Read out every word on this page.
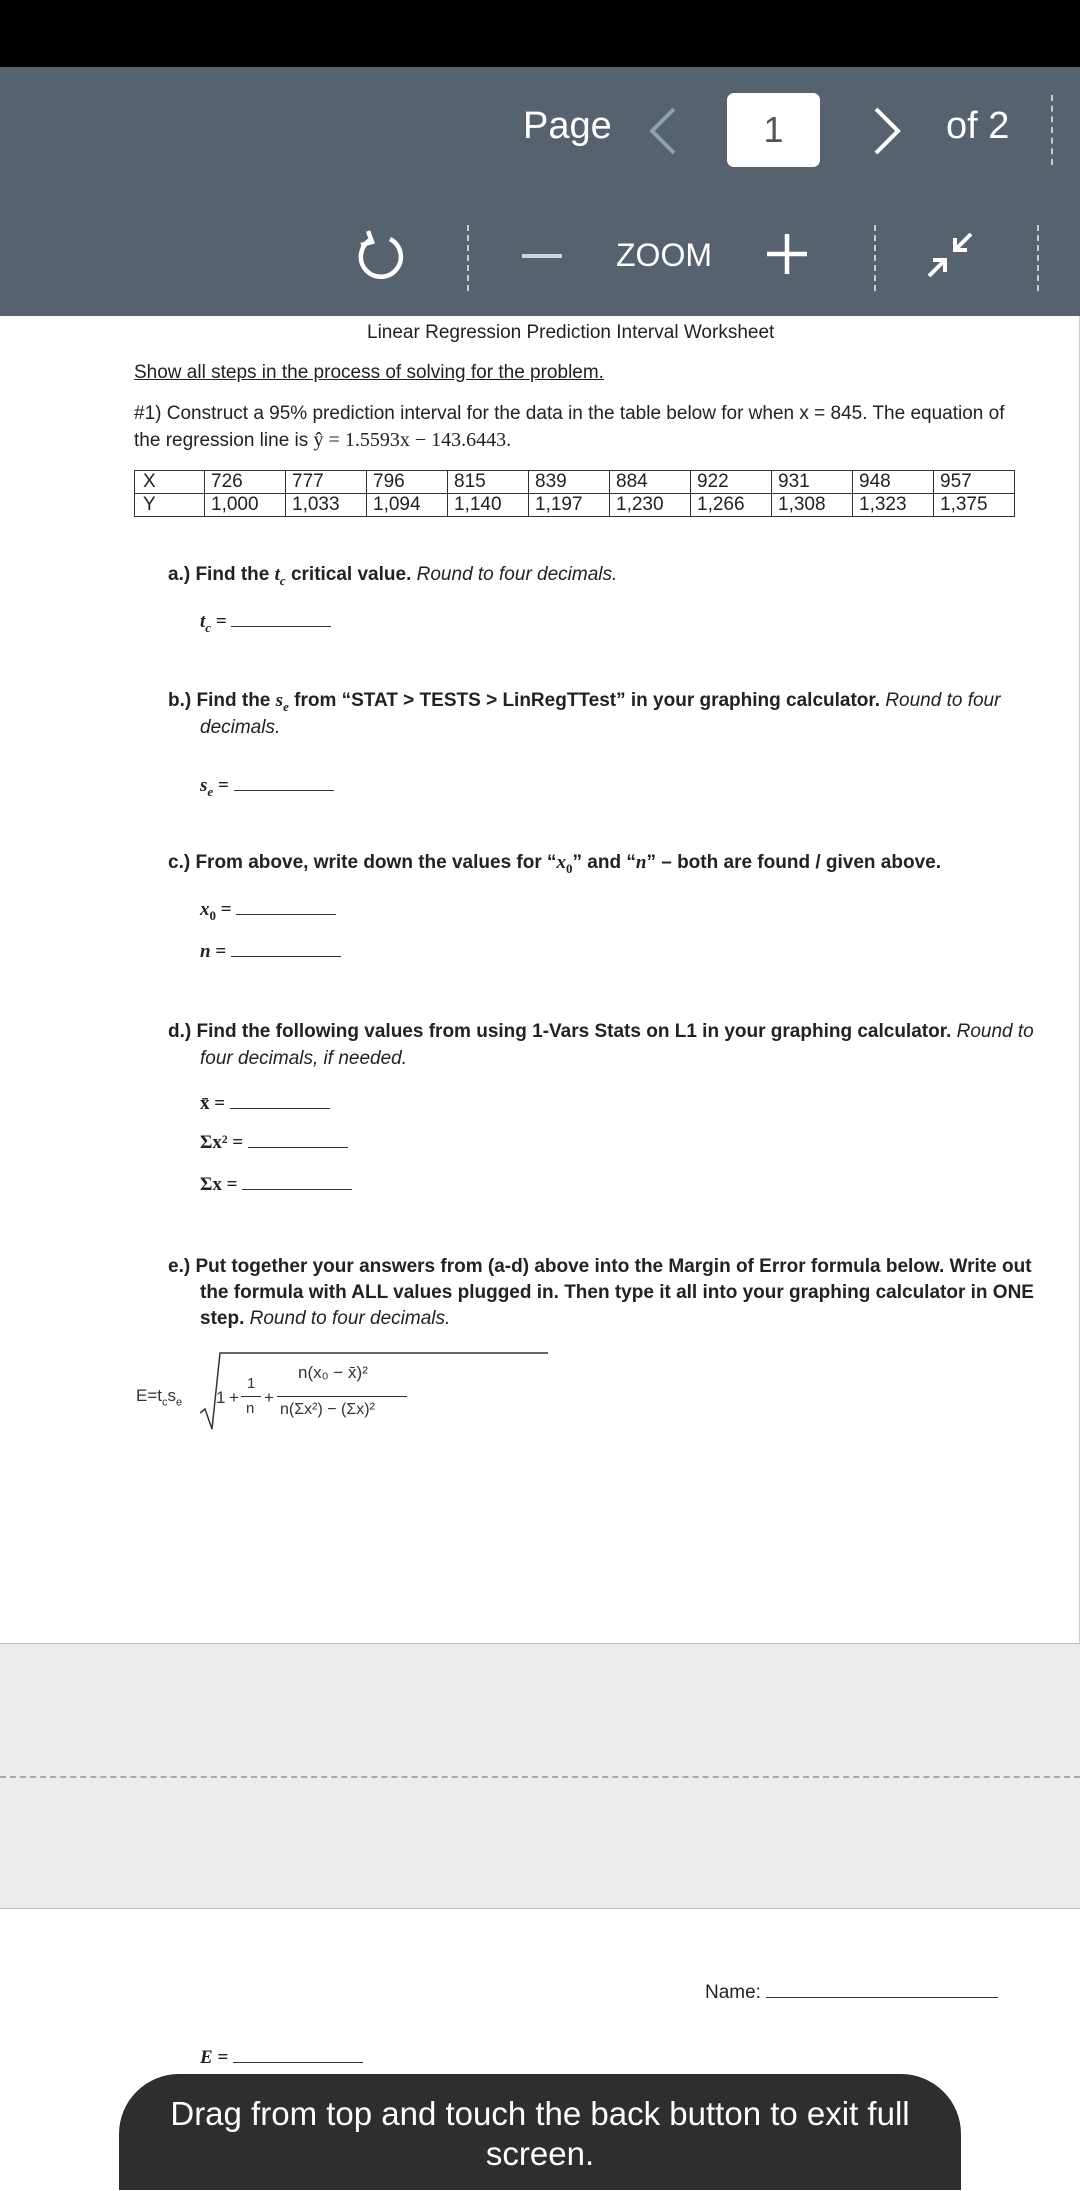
Page	1	of 2
ZOOM
Linear Regression Prediction Interval Worksheet
Show all steps in the process of solving for the problem.
#1) Construct a 95% prediction interval for the data in the table below for when x = 845. The equation of
the regression line is ŷ = 1.5593x − 143.6443.
X	726	777	796	815	839	884	922	931	948	957
Y	1,000	1,033	1,094	1,140	1,197	1,230	1,266	1,308	1,323	1,375
a.) Find the $t_c$ critical value. Round to four decimals.
$t_c$ =
b.) Find the $s_e$ from “STAT > TESTS > LinRegTTest” in your graphing calculator. Round to four
decimals.
$s_e$ =
c.) From above, write down the values for “$x_0$” and “n” – both are found / given above.
$x_0$ =
n =
d.) Find the following values from using 1-Vars Stats on L1 in your graphing calculator. Round to
four decimals, if needed.
x̄ =
Σx² =
Σx =
e.) Put together your answers from (a-d) above into the Margin of Error formula below. Write out
the formula with ALL values plugged in. Then type it all into your graphing calculator in ONE
step. Round to four decimals.
$E=t_cs_e$ 1 +
1
n
+
n(x₀ − x̄)²
n(Σx²) − (Σx)²
Name:
E =
Drag from top and touch the back button to exit full screen.
